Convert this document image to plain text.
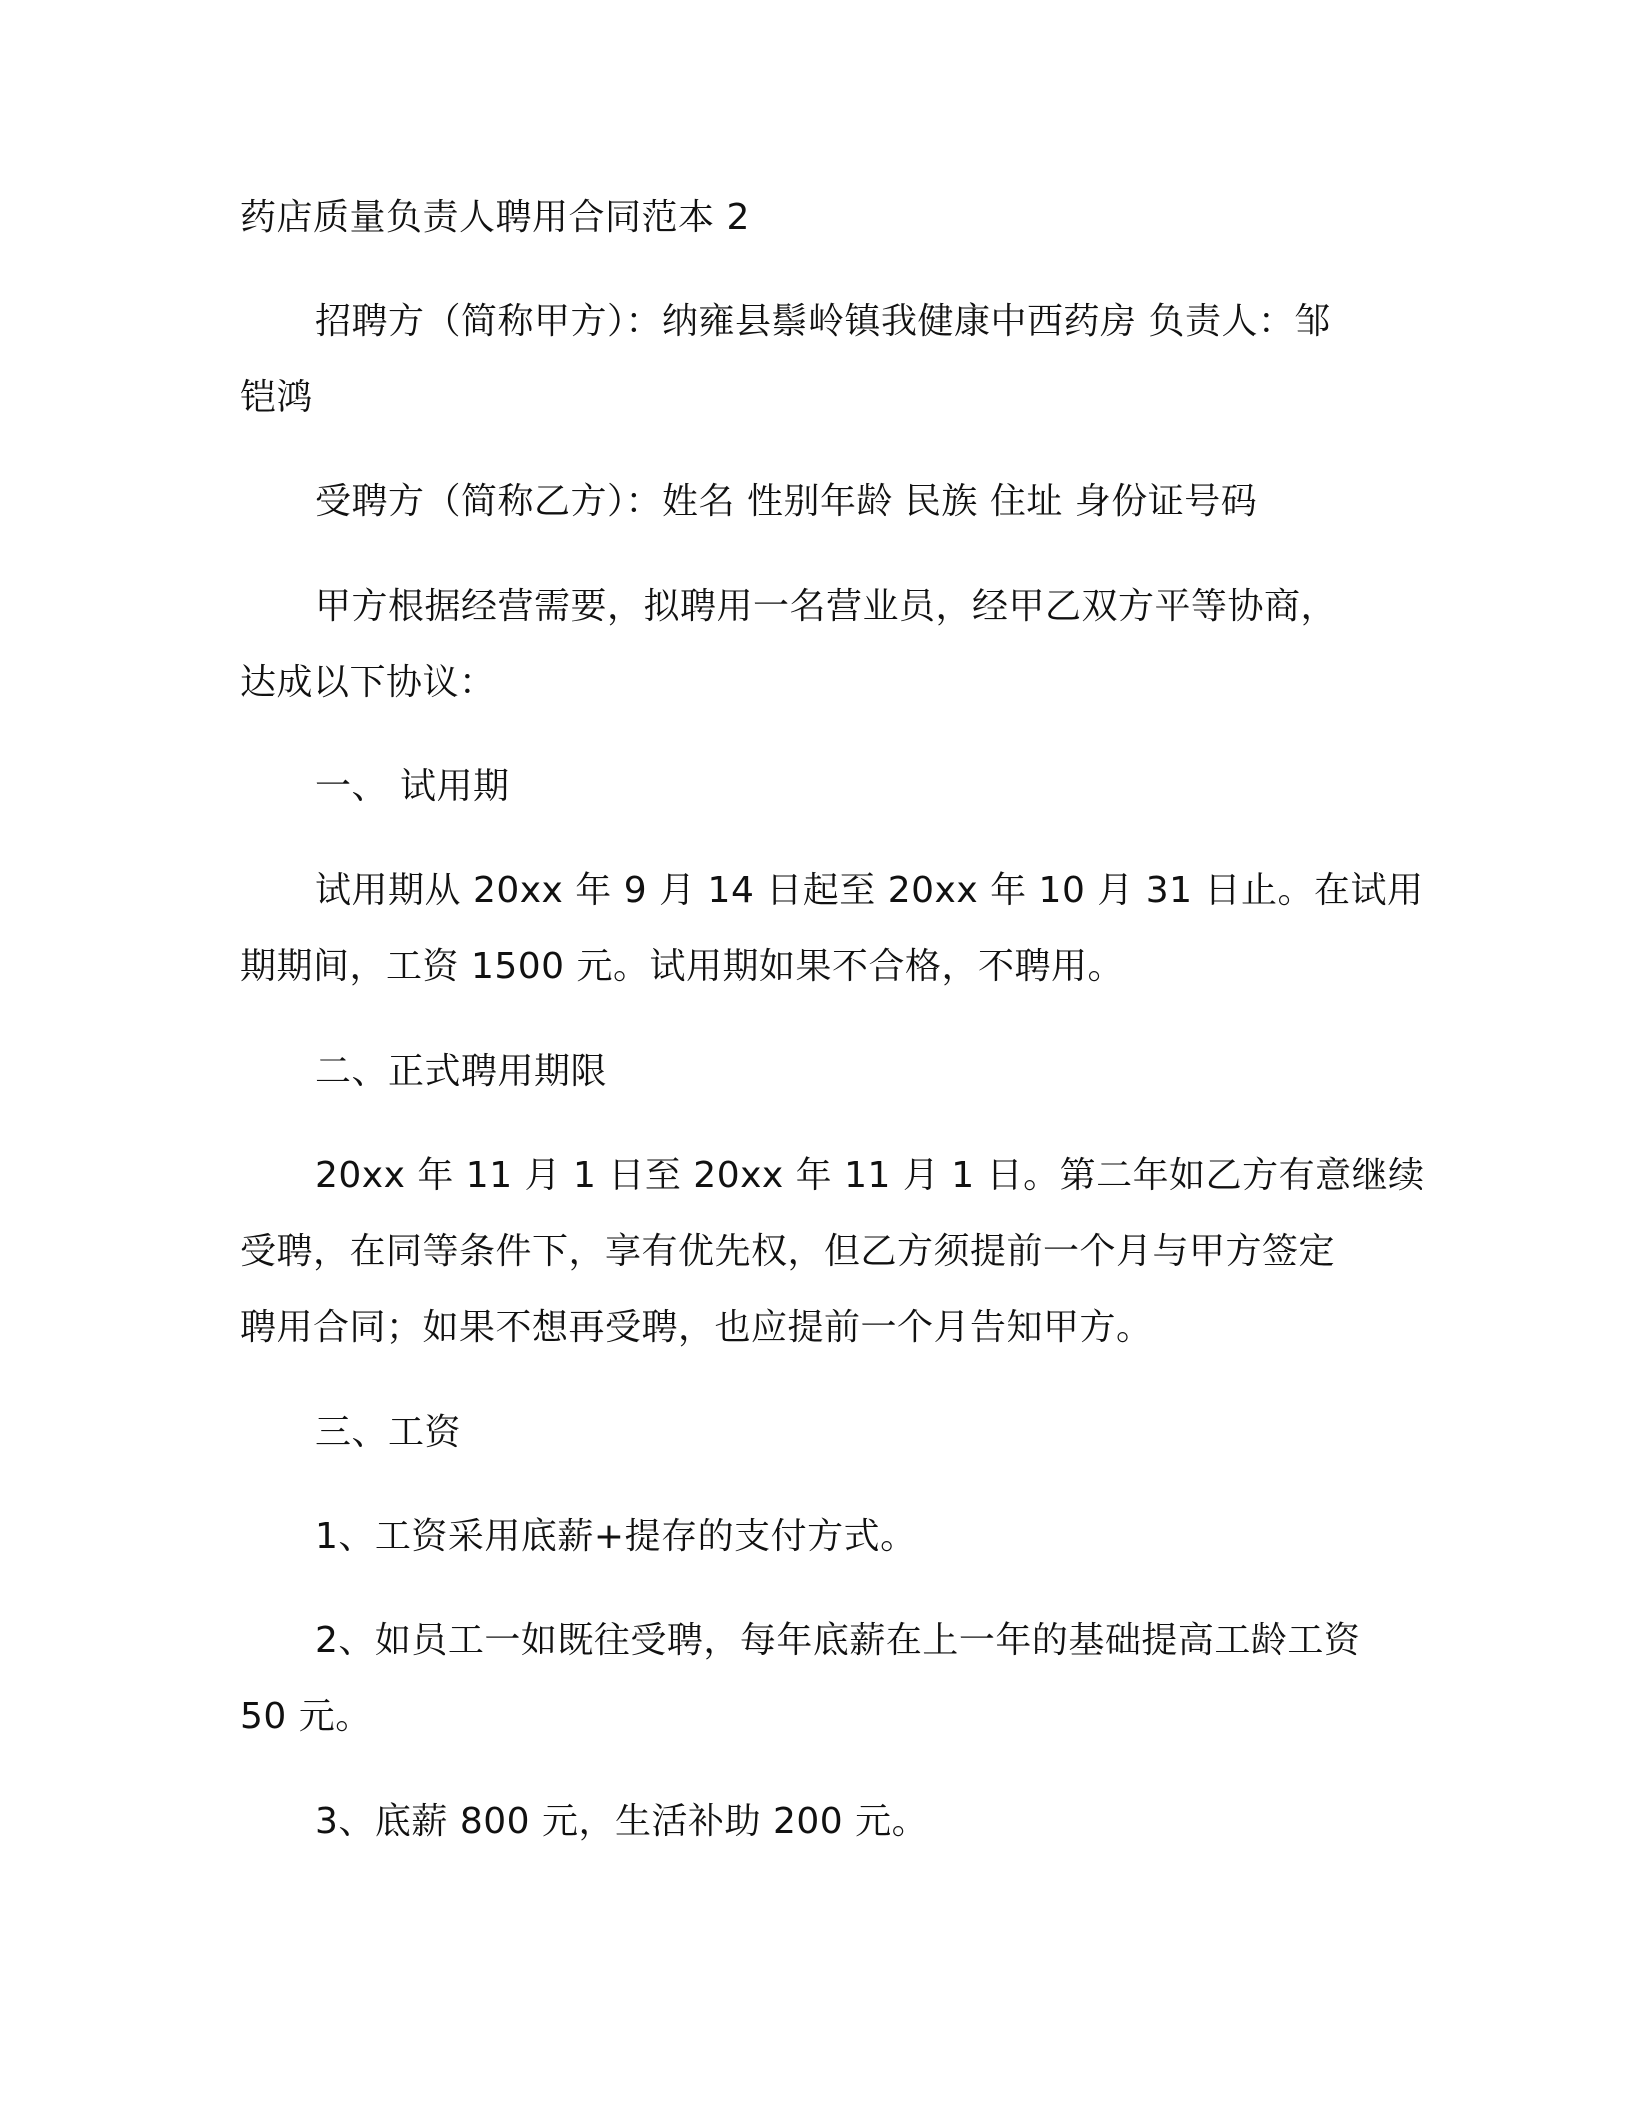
药店质量负责人聘用合同范本 2
招聘方（简称甲方）：纳雍县鬃岭镇我健康中西药房 负责人：邹
铠鸿
受聘方（简称乙方）：姓名 性别年龄 民族 住址 身份证号码
甲方根据经营需要，拟聘用一名营业员，经甲乙双方平等协商，
达成以下协议：
一、 试用期
试用期从 20xx 年 9 月 14 日起至 20xx 年 10 月 31 日止。在试用
期期间，工资 1500 元。试用期如果不合格，不聘用。
二、正式聘用期限
20xx 年 11 月 1 日至 20xx 年 11 月 1 日。第二年如乙方有意继续
受聘，在同等条件下，享有优先权，但乙方须提前一个月与甲方签定
聘用合同；如果不想再受聘，也应提前一个月告知甲方。
三、工资
1、工资采用底薪+提存的支付方式。
2、如员工一如既往受聘，每年底薪在上一年的基础提高工龄工资
50 元。
3、底薪 800 元，生活补助 200 元。
